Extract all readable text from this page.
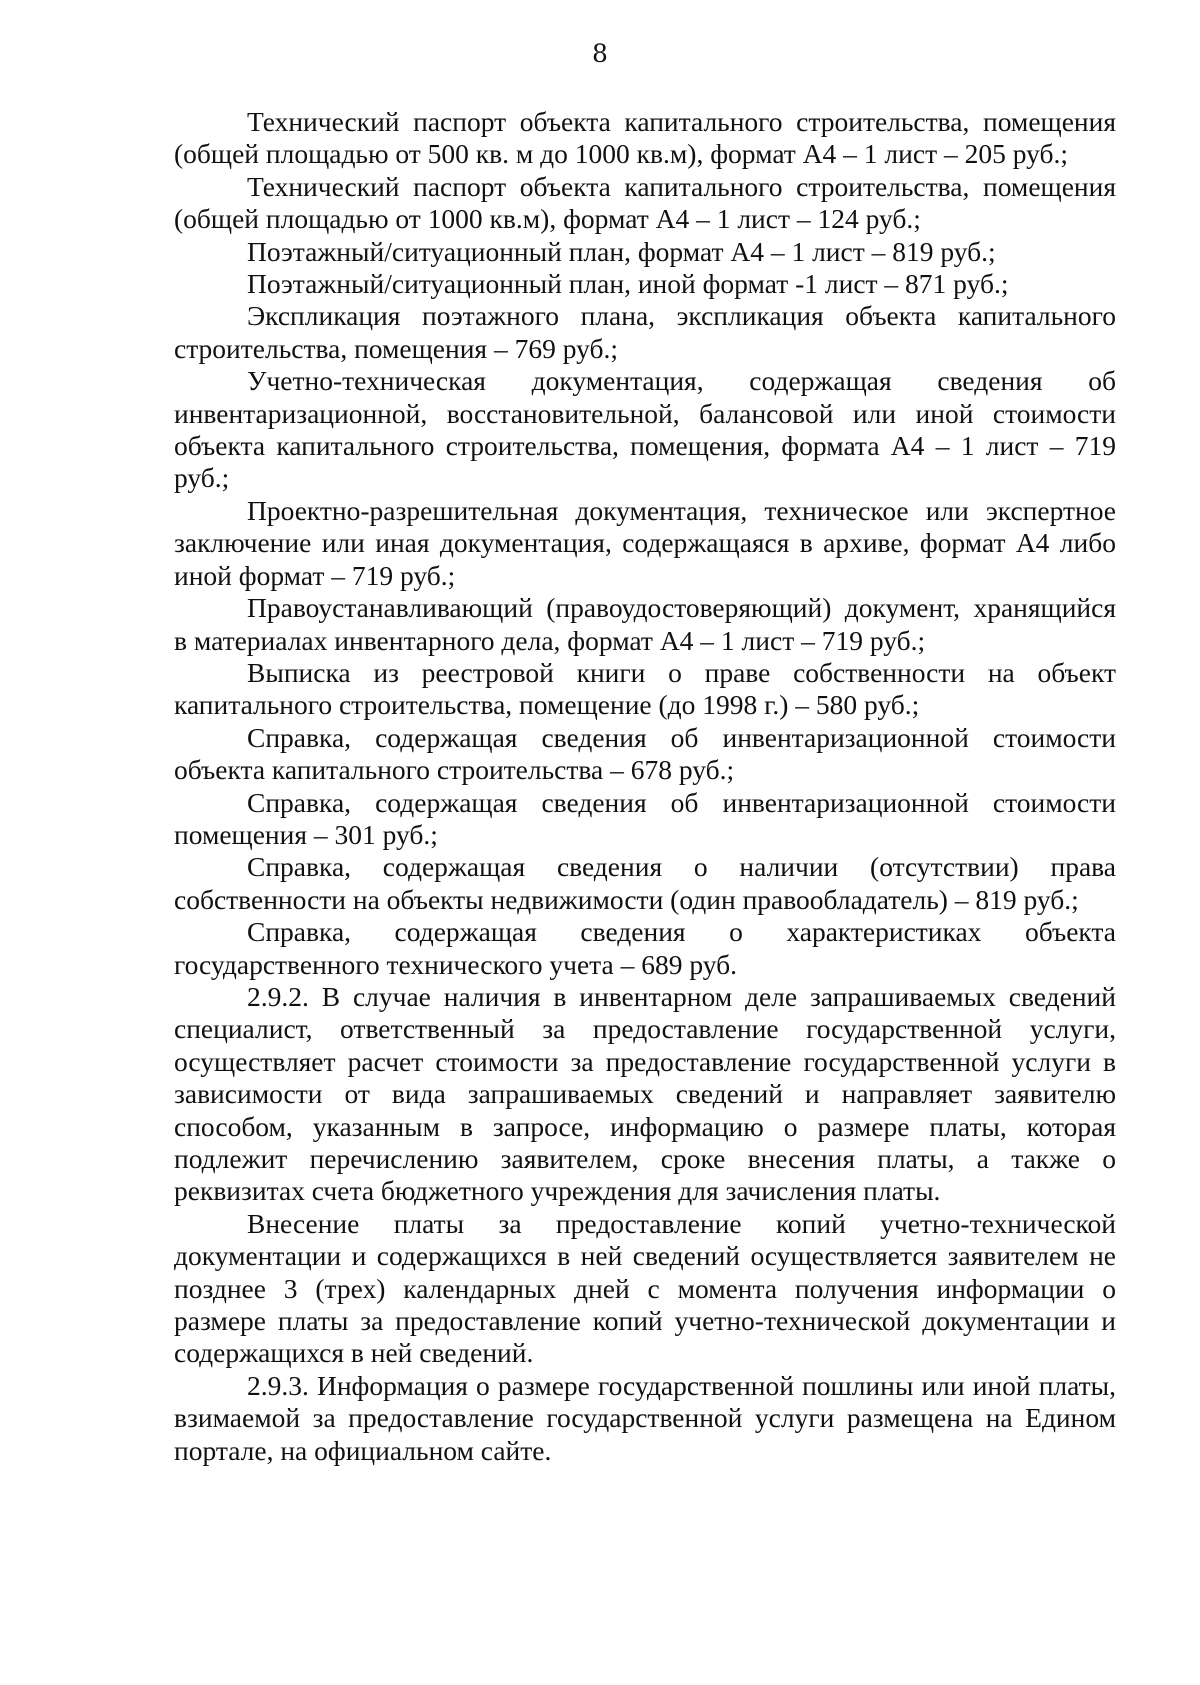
8

Технический паспорт объекта капитального строительства, помещения (общей площадью от 500 кв. м до 1000 кв.м), формат А4 – 1 лист – 205 руб.;

Технический паспорт объекта капитального строительства, помещения (общей площадью от 1000 кв.м), формат А4 – 1 лист – 124 руб.;

Поэтажный/ситуационный план, формат А4 – 1 лист – 819 руб.;

Поэтажный/ситуационный план, иной формат -1 лист – 871 руб.;

Экспликация поэтажного плана, экспликация объекта капитального строительства, помещения – 769 руб.;

Учетно-техническая документация, содержащая сведения об инвентаризационной, восстановительной, балансовой или иной стоимости объекта капитального строительства, помещения, формата А4 – 1 лист – 719 руб.;

Проектно-разрешительная документация, техническое или экспертное заключение или иная документация, содержащаяся в архиве, формат А4 либо иной формат – 719 руб.;

Правоустанавливающий (правоудостоверяющий) документ, хранящийся в материалах инвентарного дела, формат А4 – 1 лист – 719 руб.;

Выписка из реестровой книги о праве собственности на объект капитального строительства, помещение (до 1998 г.) – 580 руб.;

Справка, содержащая сведения об инвентаризационной стоимости объекта капитального строительства – 678 руб.;

Справка, содержащая сведения об инвентаризационной стоимости помещения – 301 руб.;

Справка, содержащая сведения о наличии (отсутствии) права собственности на объекты недвижимости (один правообладатель) – 819 руб.;

Справка, содержащая сведения о характеристиках объекта государственного технического учета – 689 руб.

2.9.2. В случае наличия в инвентарном деле запрашиваемых сведений специалист, ответственный за предоставление государственной услуги, осуществляет расчет стоимости за предоставление государственной услуги в зависимости от вида запрашиваемых сведений и направляет заявителю способом, указанным в запросе, информацию о размере платы, которая подлежит перечислению заявителем, сроке внесения платы, а также о реквизитах счета бюджетного учреждения для зачисления платы.

Внесение платы за предоставление копий учетно-технической документации и содержащихся в ней сведений осуществляется заявителем не позднее 3 (трех) календарных дней с момента получения информации о размере платы за предоставление копий учетно-технической документации и содержащихся в ней сведений.

2.9.3. Информация о размере государственной пошлины или иной платы, взимаемой за предоставление государственной услуги размещена на Едином портале, на официальном сайте.
